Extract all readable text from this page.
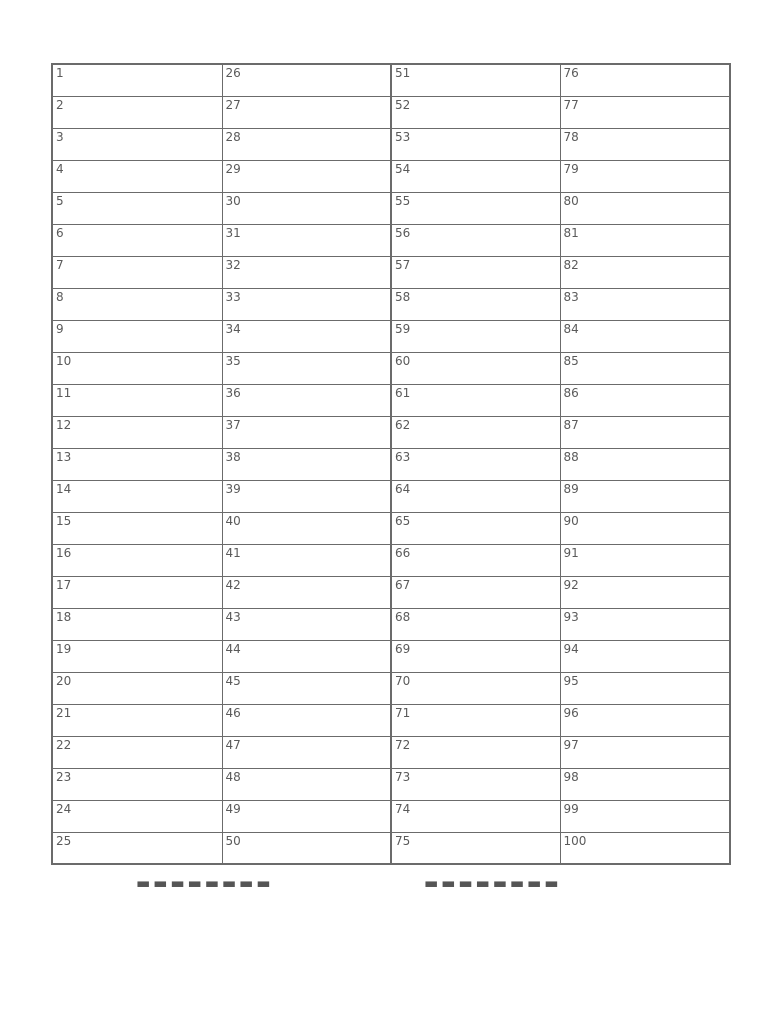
1	26	51	76
2	27	52	77
3	28	53	78
4	29	54	79
5	30	55	80
6	31	56	81
7	32	57	82
8	33	58	83
9	34	59	84
10	35	60	85
11	36	61	86
12	37	62	87
13	38	63	88
14	39	64	89
15	40	65	90
16	41	66	91
17	42	67	92
18	43	68	93
19	44	69	94
20	45	70	95
21	46	71	96
22	47	72	97
23	48	73	98
24	49	74	99
25	50	75	100
▬▬▬▬▬▬▬▬	▬▬▬▬▬▬▬▬
